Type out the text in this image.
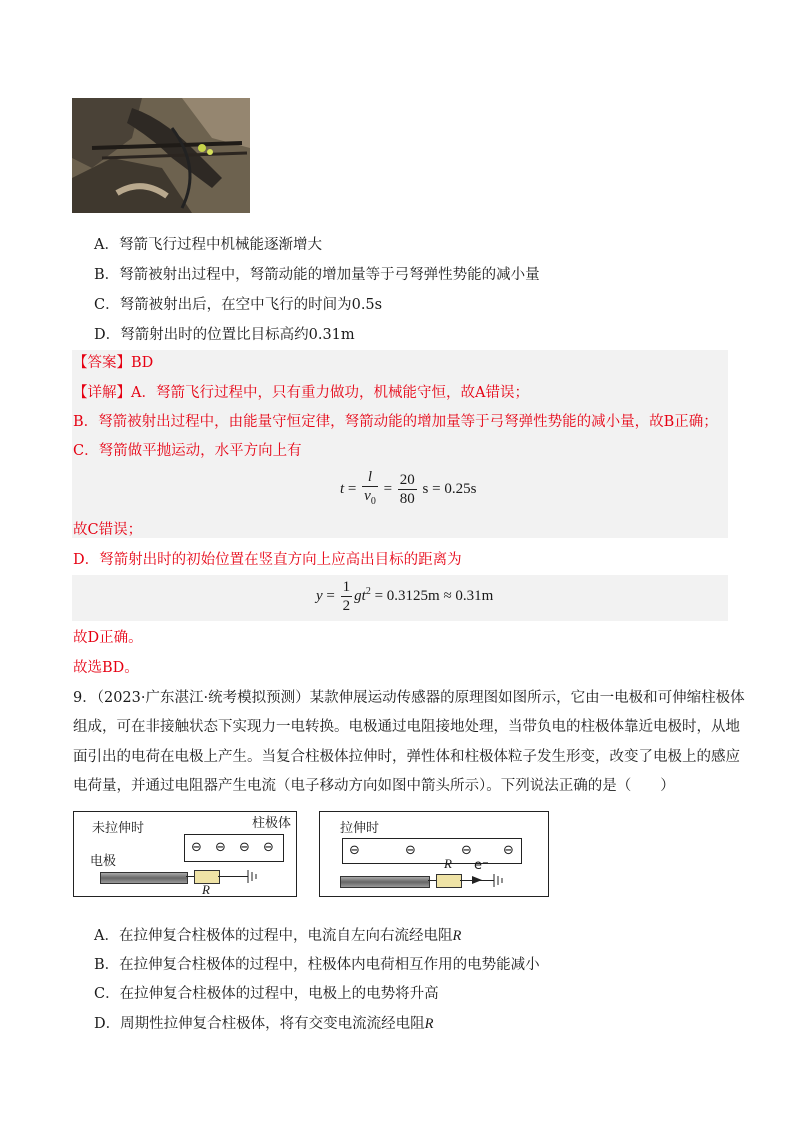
A．弩箭飞行过程中机械能逐渐增大
B．弩箭被射出过程中，弩箭动能的增加量等于弓弩弹性势能的减小量
C．弩箭被射出后，在空中飞行的时间为0.5s
D．弩箭射出时的位置比目标高约0.31m
【答案】BD
【详解】A．弩箭飞行过程中，只有重力做功，机械能守恒，故A错误；
B．弩箭被射出过程中，由能量守恒定律，弩箭动能的增加量等于弓弩弹性势能的减小量，故B正确；
C．弩箭做平抛运动，水平方向上有
$t = \frac{l}{v_0} = \frac{20}{80}$ s = 0.25s
故C错误；
D．弩箭射出时的初始位置在竖直方向上应高出目标的距离为
$y = \frac{1}{2} gt^2 = 0.3125m \approx 0.31m$
故D正确。
故选BD。
9．（2023·广东湛江·统考模拟预测）某款伸展运动传感器的原理图如图所示，它由一电极和可伸缩柱极体
组成，可在非接触状态下实现力一电转换。电极通过电阻接地处理，当带负电的柱极体靠近电极时，从地
面引出的电荷在电极上产生。当复合柱极体拉伸时，弹性体和柱极体粒子发生形变，改变了电极上的感应
电荷量，并通过电阻器产生电流（电子移动方向如图中箭头所示）。下列说法正确的是（　　）
未拉伸时	柱极体
⊖ ⊖ ⊖ ⊖
电极
R
拉伸时
⊖	⊖	⊖ ⊖
R e⁻
A．在拉伸复合柱极体的过程中，电流自左向右流经电阻R
B．在拉伸复合柱极体的过程中，柱极体内电荷相互作用的电势能减小
C．在拉伸复合柱极体的过程中，电极上的电势将升高
D．周期性拉伸复合柱极体，将有交变电流流经电阻R
